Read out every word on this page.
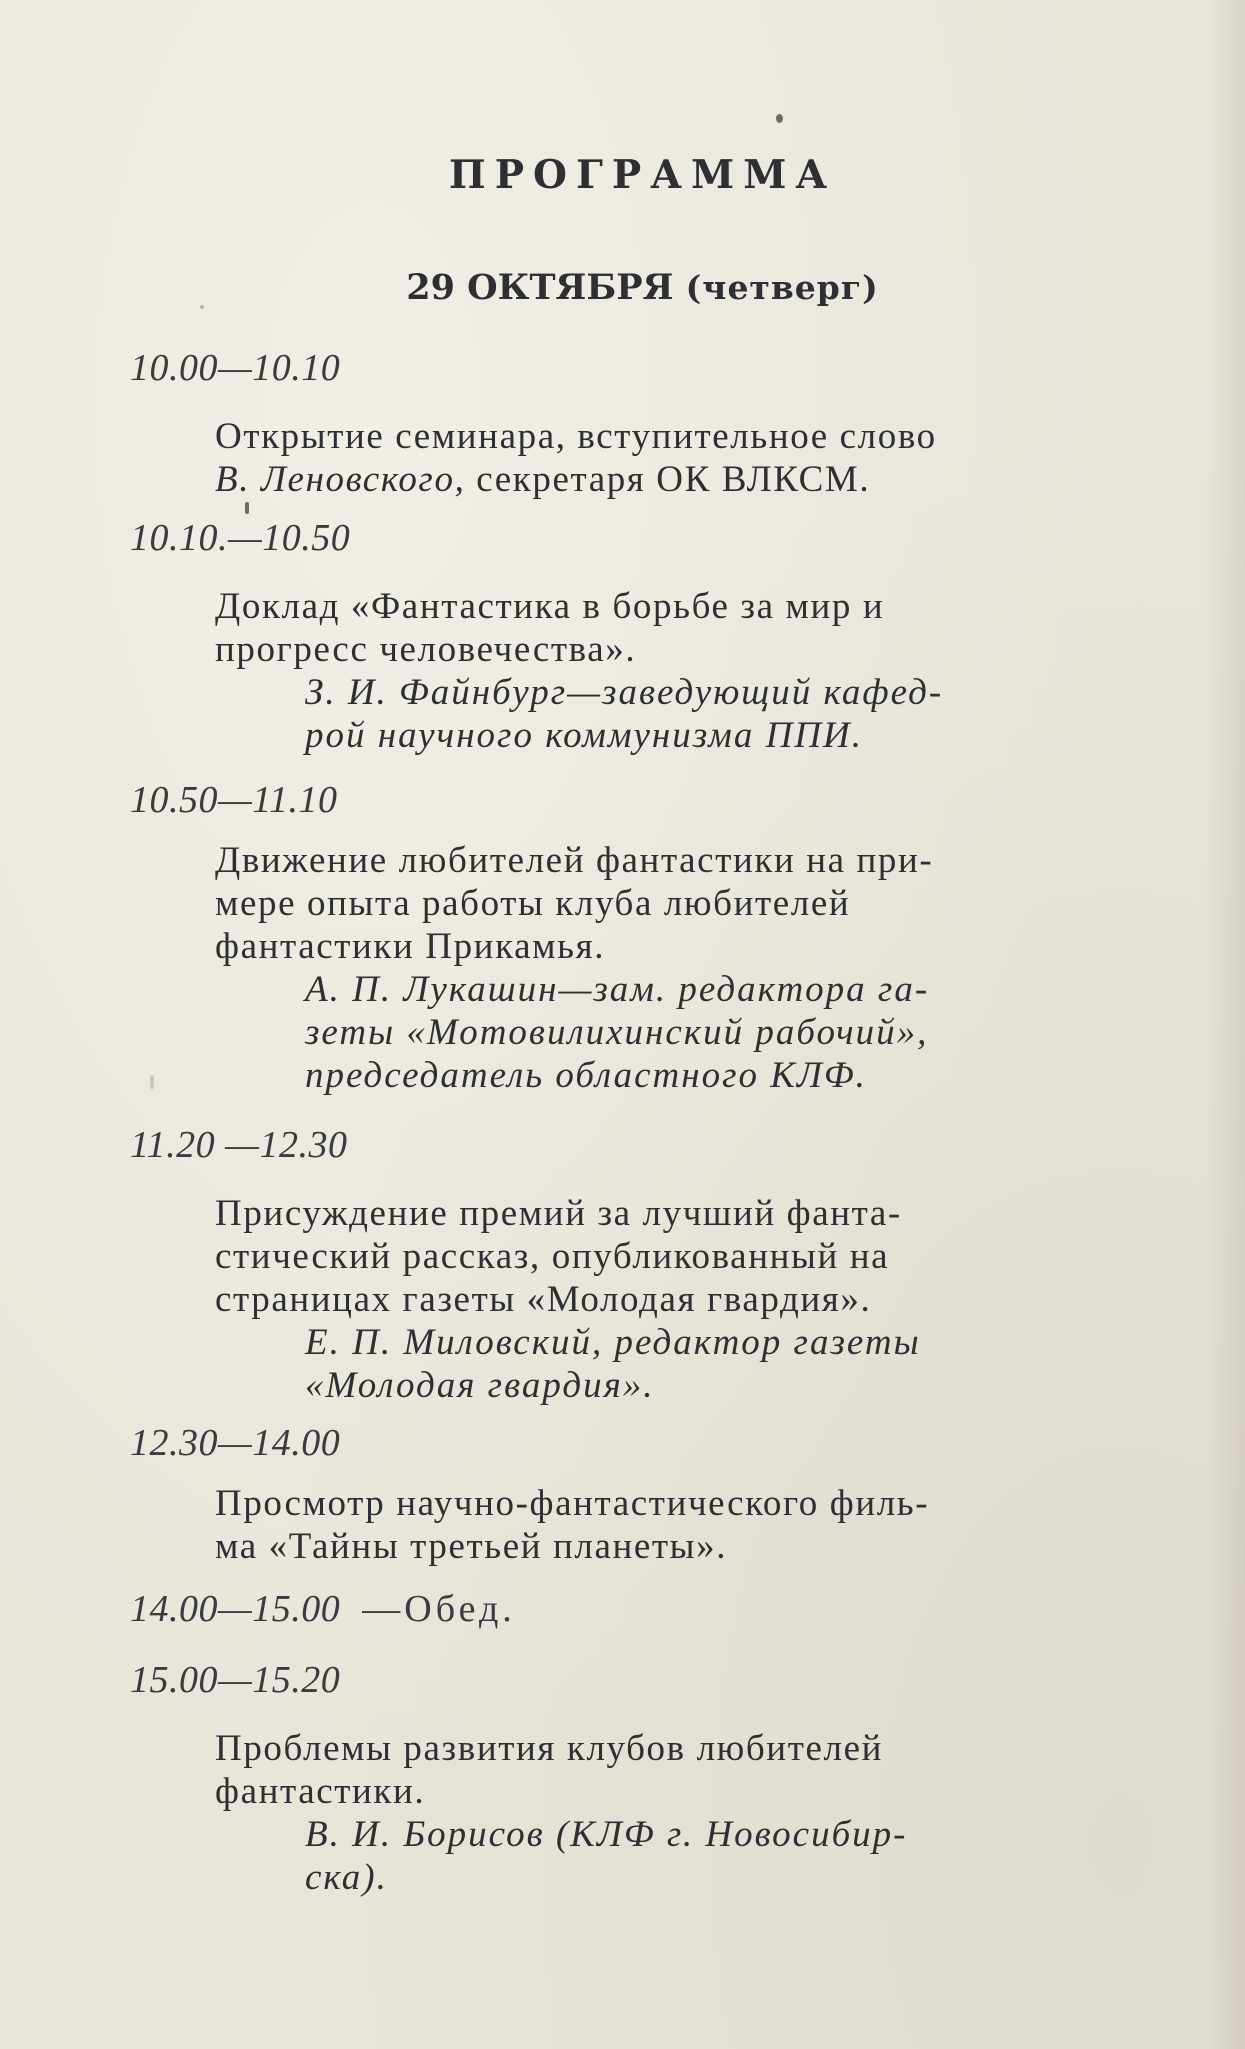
ПРОГРАММА
29 ОКТЯБРЯ (четверг)
10.00—10.10
Открытие семинара, вступительное слово
В. Леновского, секретаря ОК ВЛКСМ.
10.10.—10.50
Доклад «Фантастика в борьбе за мир и
прогресс человечества».
З. И. Файнбург—заведующий кафед-
рой научного коммунизма ППИ.
10.50—11.10
Движение любителей фантастики на при-
мере опыта работы клуба любителей
фантастики Прикамья.
А. П. Лукашин—зам. редактора га-
зеты «Мотовилихинский рабочий»,
председатель областного КЛФ.
11.20 —12.30
Присуждение премий за лучший фанта-
стический рассказ, опубликованный на
страницах газеты «Молодая гвардия».
Е. П. Миловский, редактор газеты
«Молодая гвардия».
12.30—14.00
Просмотр научно-фантастического филь-
ма «Тайны третьей планеты».
14.00—15.00 —Обед.
15.00—15.20
Проблемы развития клубов любителей
фантастики.
В. И. Борисов (КЛФ г. Новосибир-
ска).
